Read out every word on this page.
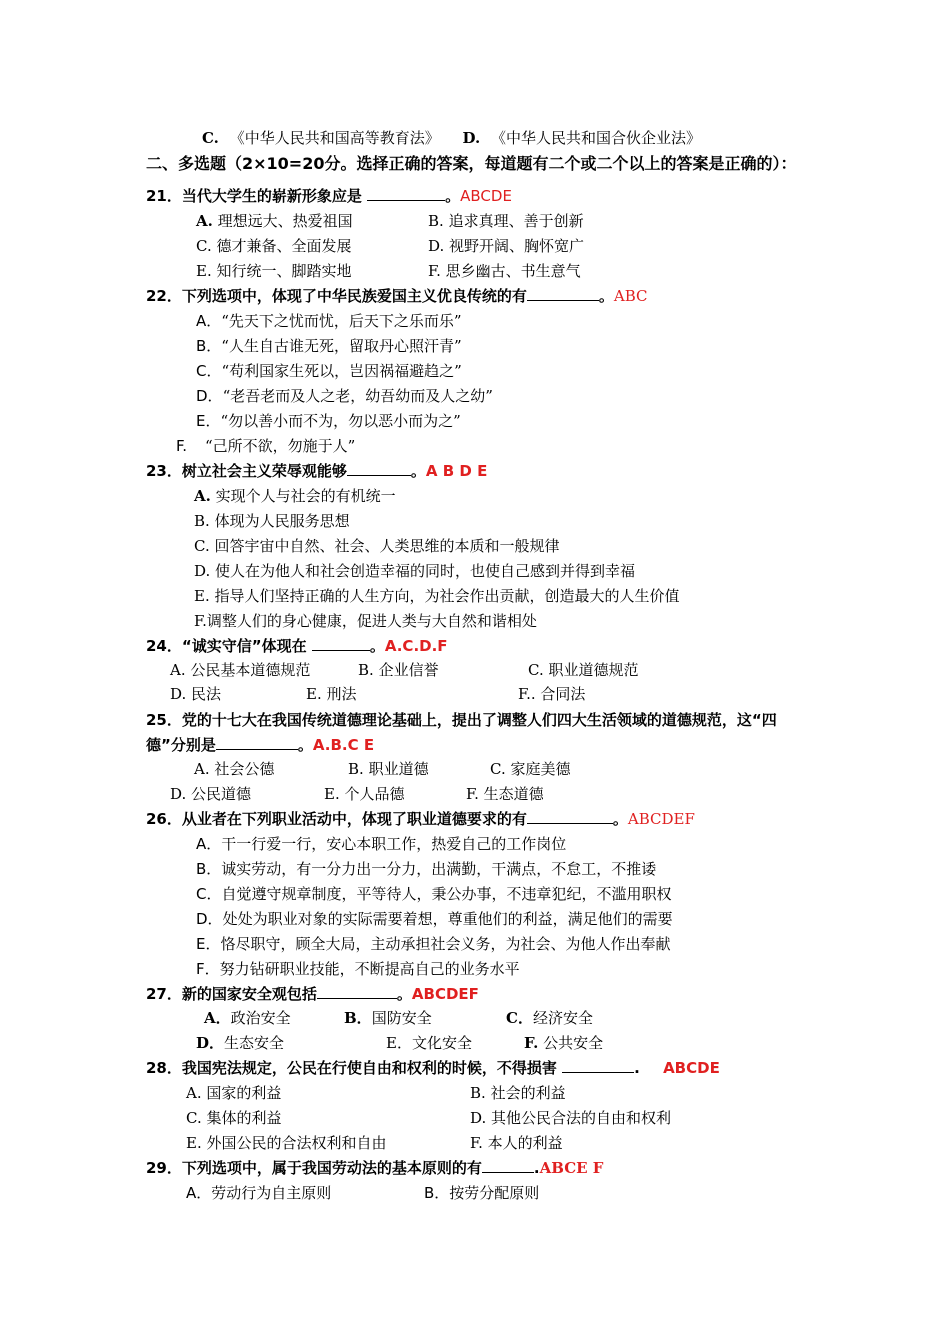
C. 《中华人民共和国高等教育法》 D. 《中华人民共和国合伙企业法》
二、多选题（2×10=20分。选择正确的答案，每道题有二个或二个以上的答案是正确的）：
21．当代大学生的崭新形象应是	。ABCDE
A. 理想远大、热爱祖国	B. 追求真理、善于创新
C. 德才兼备、全面发展	D. 视野开阔、胸怀宽广
E. 知行统一、脚踏实地	F. 思乡幽古、书生意气
22．下列选项中，体现了中华民族爱国主义优良传统的有	。ABC
A．“先天下之忧而忧，后天下之乐而乐”
B．“人生自古谁无死，留取丹心照汗青”
C．“苟利国家生死以，岂因祸福避趋之”
D．“老吾老而及人之老，幼吾幼而及人之幼”
E．“勿以善小而不为，勿以恶小而为之”
F. “己所不欲，勿施于人”
23．树立社会主义荣辱观能够	。A B D E
A. 实现个人与社会的有机统一
B. 体现为人民服务思想
C. 回答宇宙中自然、社会、人类思维的本质和一般规律
D. 使人在为他人和社会创造幸福的同时，也使自己感到并得到幸福
E. 指导人们坚持正确的人生方向，为社会作出贡献，创造最大的人生价值
F.调整人们的身心健康，促进人类与大自然和谐相处
24．“诚实守信”体现在	。A.C.D.F
A. 公民基本道德规范	B. 企业信誉	C. 职业道德规范
D. 民法	E. 刑法	F.. 合同法
25．党的十七大在我国传统道德理论基础上，提出了调整人们四大生活领域的道德规范，这“四
德”分别是	。A.B.C E
A. 社会公德	B. 职业道德	C. 家庭美德
D. 公民道德	E. 个人品德	F. 生态道德
26．从业者在下列职业活动中，体现了职业道德要求的有	。ABCDEF
A．干一行爱一行，安心本职工作，热爱自己的工作岗位
B．诚实劳动，有一分力出一分力，出满勤，干满点，不怠工，不推诿
C．自觉遵守规章制度，平等待人，秉公办事，不违章犯纪，不滥用职权
D．处处为职业对象的实际需要着想，尊重他们的利益，满足他们的需要
E．恪尽职守，顾全大局，主动承担社会义务，为社会、为他人作出奉献
F．努力钻研职业技能，不断提高自己的业务水平
27．新的国家安全观包括	。ABCDEF
A．政治安全	B．国防安全	C．经济安全
D．生态安全	E．文化安全	F. 公共安全
28．我国宪法规定，公民在行使自由和权利的时候，不得损害	. ABCDE
A. 国家的利益	B. 社会的利益
C. 集体的利益	D. 其他公民合法的自由和权利
E. 外国公民的合法权利和自由	F. 本人的利益
29．下列选项中，属于我国劳动法的基本原则的有	.ABCE F
A．劳动行为自主原则	B．按劳分配原则
